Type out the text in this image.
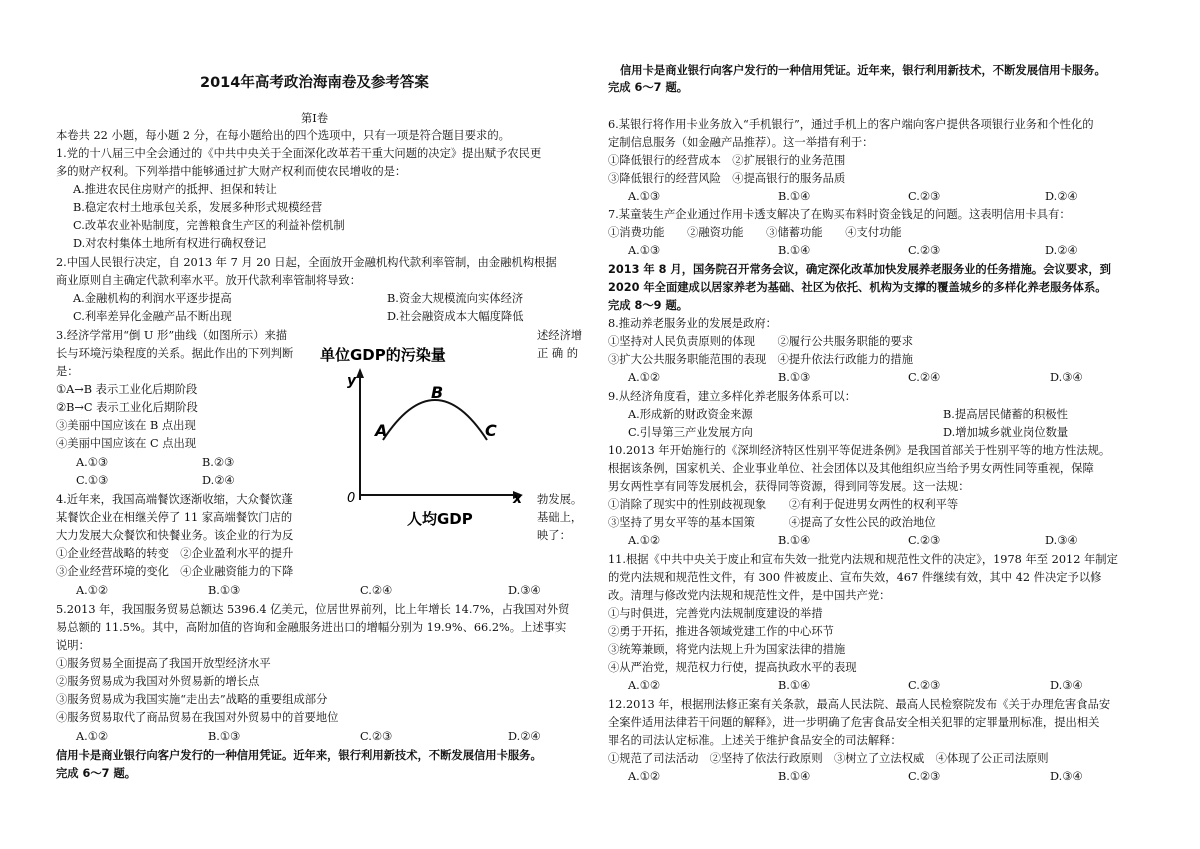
2014年高考政治海南卷及参考答案
第Ⅰ卷
本卷共 22 小题，每小题 2 分，在每小题给出的四个选项中，只有一项是符合题目要求的。
1.党的十八届三中全会通过的《中共中央关于全面深化改革若干重大问题的决定》提出赋予农民更
多的财产权利。下列举措中能够通过扩大财产权利而使农民增收的是：
A.推进农民住房财产的抵押、担保和转让
B.稳定农村土地承包关系，发展多种形式规模经营
C.改革农业补贴制度，完善粮食生产区的利益补偿机制
D.对农村集体土地所有权进行确权登记
2.中国人民银行决定，自 2013 年 7 月 20 日起，全面放开金融机构代款利率管制，由金融机构根据
商业原则自主确定代款利率水平。放开代款利率管制将导致：
A.金融机构的利润水平逐步提高	B.资金大规模流向实体经济
C.利率差异化金融产品不断出现	D.社会融资成本大幅度降低
3.经济学常用“倒 U 形”曲线（如图所示）来描	述经济增
长与环境污染程度的关系。据此作出的下列判断	正 确 的
是：
①A→B 表示工业化后期阶段
②B→C 表示工业化后期阶段
③美丽中国应该在 B 点出现
④美丽中国应该在 C 点出现
A.①③	B.②③
C.①③	D.②④
单位GDP的污染量
y
x
0
A
B
C
人均GDP
4.近年来，我国高端餐饮逐渐收缩，大众餐饮蓬	勃发展。
某餐饮企业在相继关停了 11 家高端餐饮门店的	基础上，
大力发展大众餐饮和快餐业务。该企业的行为反	映了：
①企业经营战略的转变　②企业盈利水平的提升
③企业经营环境的变化　④企业融资能力的下降
A.①②	B.①③	C.②④	D.③④
5.2013 年，我国服务贸易总额达 5396.4 亿美元，位居世界前列，比上年增长 14.7%，占我国对外贸
易总额的 11.5%。其中，高附加值的咨询和金融服务进出口的增幅分别为 19.9%、66.2%。上述事实
说明：
①服务贸易全面提高了我国开放型经济水平
②服务贸易成为我国对外贸易新的增长点
③服务贸易成为我国实施“走出去”战略的重要组成部分
④服务贸易取代了商品贸易在我国对外贸易中的首要地位
A.①②	B.①③	C.②③	D.②④
信用卡是商业银行向客户发行的一种信用凭证。近年来，银行利用新技术，不断发展信用卡服务。
完成 6～7 题。
信用卡是商业银行向客户发行的一种信用凭证。近年来，银行利用新技术，不断发展信用卡服务。
完成 6～7 题。
6.某银行将作用卡业务放入“手机银行”，通过手机上的客户端向客户提供各项银行业务和个性化的
定制信息服务（如金融产品推荐）。这一举措有利于：
①降低银行的经营成本　②扩展银行的业务范围
③降低银行的经营风险　④提高银行的服务品质
A.①③	B.①④	C.②③	D.②④
7.某童装生产企业通过作用卡透支解决了在购买布料时资金钱足的问题。这表明信用卡具有：
①消费功能　　②融资功能　　③储蓄功能　　④支付功能
A.①③	B.①④	C.②③	D.②④
2013 年 8 月，国务院召开常务会议，确定深化改革加快发展养老服务业的任务措施。会议要求，到
2020 年全面建成以居家养老为基础、社区为依托、机构为支撑的覆盖城乡的多样化养老服务体系。
完成 8～9 题。
8.推动养老服务业的发展是政府：
①坚持对人民负责原则的体现　　②履行公共服务职能的要求
③扩大公共服务职能范围的表现　④提升依法行政能力的措施
A.①②	B.①③	C.②④	D.③④
9.从经济角度看，建立多样化养老服务体系可以：
A.形成新的财政资金来源	B.提高居民储蓄的积极性
C.引导第三产业发展方向	D.增加城乡就业岗位数量
10.2013 年开始施行的《深圳经济特区性别平等促进条例》是我国首部关于性别平等的地方性法规。
根据该条例，国家机关、企业事业单位、社会团体以及其他组织应当给予男女两性同等重视，保障
男女两性享有同等发展机会，获得同等资源，得到同等发展。这一法规：
①消除了现实中的性别歧视现象　　②有利于促进男女两性的权利平等
③坚持了男女平等的基本国策　　　④提高了女性公民的政治地位
A.①②	B.①④	C.②③	D.③④
11.根据《中共中央关于废止和宣布失效一批党内法规和规范性文件的决定》，1978 年至 2012 年制定
的党内法规和规范性文件，有 300 件被废止、宣布失效，467 件继续有效，其中 42 件决定予以修
改。清理与修改党内法规和规范性文件，是中国共产党：
①与时俱进，完善党内法规制度建设的举措
②勇于开拓，推进各领域党建工作的中心环节
③统筹兼顾，将党内法规上升为国家法律的措施
④从严治党，规范权力行使，提高执政水平的表现
A.①②	B.①④	C.②③	D.③④
12.2013 年，根据刑法修正案有关条款，最高人民法院、最高人民检察院发布《关于办理危害食品安
全案件适用法律若干问题的解释》，进一步明确了危害食品安全相关犯罪的定罪量刑标准，提出相关
罪名的司法认定标准。上述关于维护食品安全的司法解释：
①规范了司法活动　②坚持了依法行政原则　③树立了立法权威　④体现了公正司法原则
A.①②	B.①④	C.②③	D.③④
